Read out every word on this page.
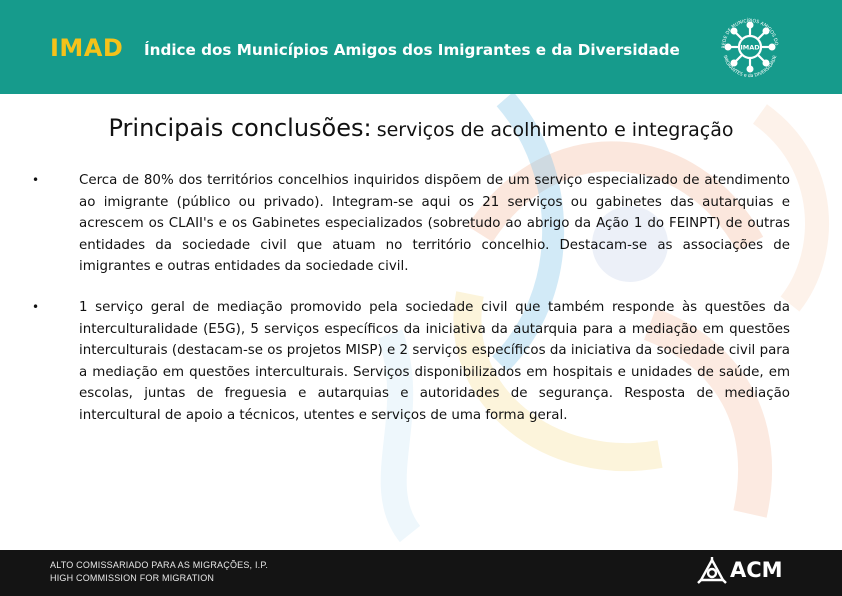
IMAD Índice dos Municípios Amigos dos Imigrantes e da Diversidade	IMAD
REDE DE MUNICÍPIOS AMIGOS DO
IMIGRANTES e da DIVERSIDADE
Principais conclusões: serviços de acolhimento e integração
•	Cerca de 80% dos territórios concelhios inquiridos dispõem de um serviço especializado de atendimento ao imigrante (público ou privado). Integram-se aqui os 21 serviços ou gabinetes das autarquias e acrescem os CLAII's e os Gabinetes especializados (sobretudo ao abrigo da Ação 1 do FEINPT) de outras entidades da sociedade civil que atuam no território concelhio. Destacam-se as associações de imigrantes e outras entidades da sociedade civil.
•	1 serviço geral de mediação promovido pela sociedade civil que também responde às questões da interculturalidade (E5G), 5 serviços específicos da iniciativa da autarquia para a mediação em questões interculturais (destacam-se os projetos MISP) e 2 serviços específicos da iniciativa da sociedade civil para a mediação em questões interculturais. Serviços disponibilizados em hospitais e unidades de saúde, em escolas, juntas de freguesia e autarquias e autoridades de segurança. Resposta de mediação intercultural de apoio a técnicos, utentes e serviços de uma forma geral.
ALTO COMISSARIADO PARA AS MIGRAÇÕES, I.P.
HIGH COMMISSION FOR MIGRATION	ACM
